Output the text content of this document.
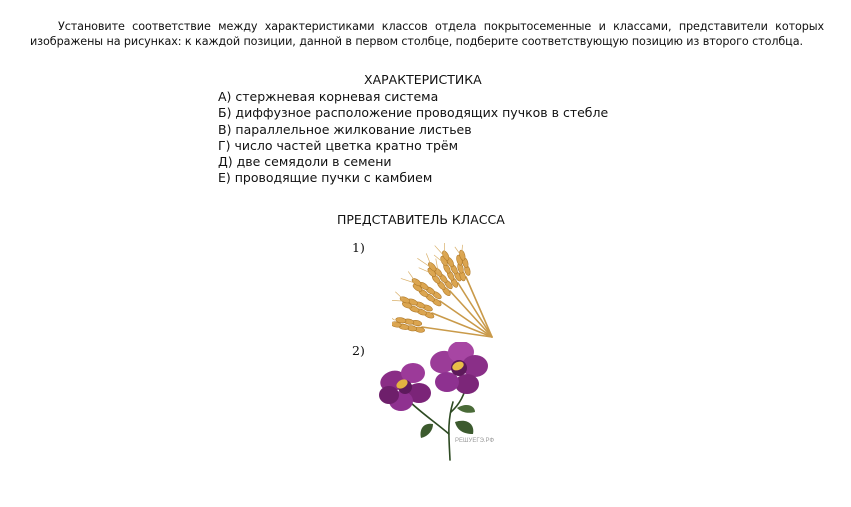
Установите соответствие между характеристиками классов отдела покрытосеменные и классами, представители которых изображены на рисунках: к каждой позиции, данной в первом столбце, подберите соответствующую позицию из второго столбца.

ХАРАКТЕРИСТИКА
А) стержневая корневая система
Б) диффузное расположение проводящих пучков в стебле
В) параллельное жилкование листьев
Г) число частей цветка кратно трём
Д) две семядоли в семени
Е) проводящие пучки с камбием
ПРЕДСТАВИТЕЛЬ КЛАССА
1)
2)
РЕШУЕГЭ.РФ
